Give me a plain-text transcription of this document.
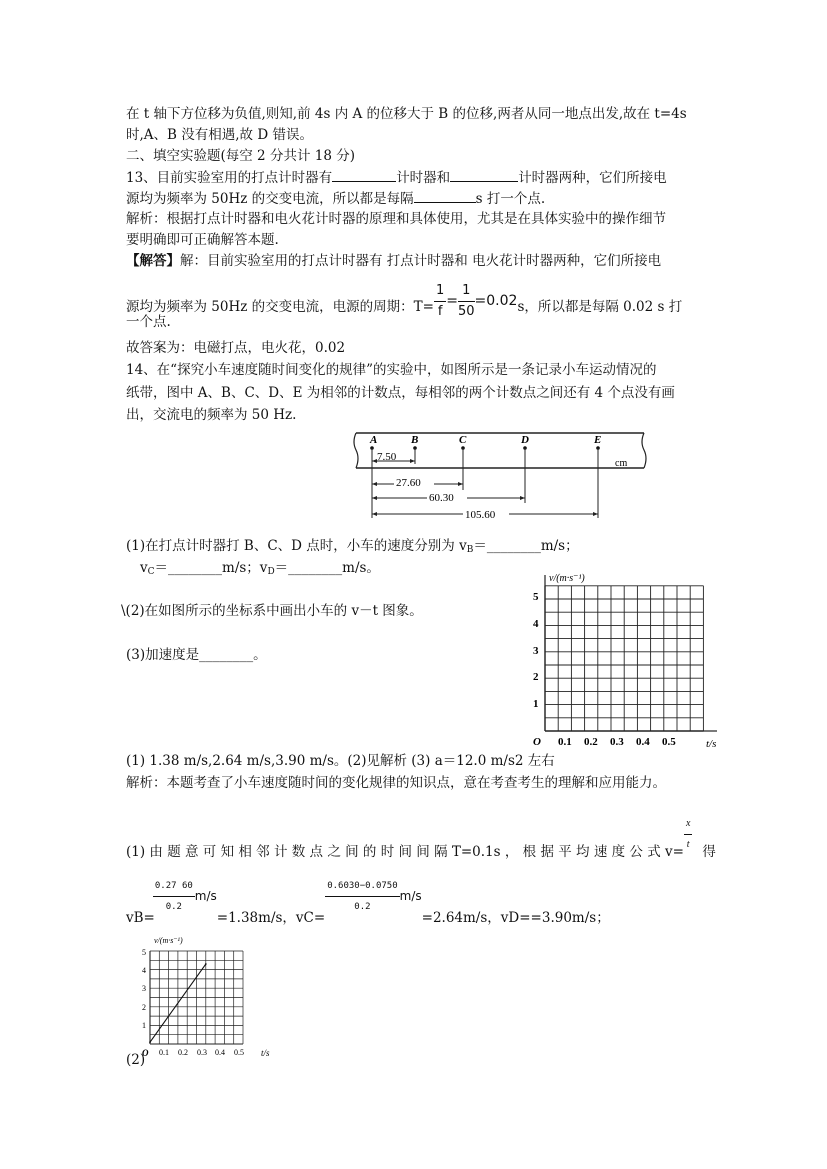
在 t 轴下方位移为负值,则知,前 4s 内 A 的位移大于 B 的位移,两者从同一地点出发,故在 t=4s
时,A、B 没有相遇,故 D 错误。
二、填空实验题(每空 2 分共计 18 分)
13、目前实验室用的打点计时器有	计时器和	计时器两种，它们所接电
源均为频率为 50Hz 的交变电流，所以都是每隔	s 打一个点.
解析：根据打点计时器和电火花计时器的原理和具体使用，尤其是在具体实验中的操作细节
要明确即可正确解答本题.
【解答】解：目前实验室用的打点计时器有 打点计时器和 电火花计时器两种，它们所接电
源均为频率为 50Hz 的交变电流，电源的周期：$T= \frac{1}{f} = \frac{1}{50} =0.02s$，所以都是每隔 0.02 s 打
一个点.
故答案为：电磁打点，电火花，0.02
14、在“探究小车速度随时间变化的规律”的实验中，如图所示是一条记录小车运动情况的
纸带，图中 A、B、C、D、E 为相邻的计数点，每相邻的两个计数点之间还有 4 个点没有画
出，交流电的频率为 50 Hz.
A	B	C	D	E
cm
7.50
27.60
60.30
105.60
(1)在打点计时器打 B、C、D 点时，小车的速度分别为 $v_B=\_\_\_\_\_\_\_\_m/s$；
$v_C=\_\_\_\_\_\_\_\_m/s$；$v_D=\_\_\_\_\_\_\_\_m/s$。
\(2)在如图所示的坐标系中画出小车的 v－t 图象。
(3)加速度是________。
v/(m·s⁻¹)
t/s
O
1
2
3
4
5
0.1 0.2 0.3 0.4 0.5
(1) 1.38 m/s,2.64 m/s,3.90 m/s。(2)见解析 (3) a＝12.0 m/s2 左右
解析：本题考查了小车速度随时间的变化规律的知识点，意在考查考生的理解和应用能力。
(1) 由 题 意 可 知 相 邻 计 数 点 之 间 的 时 间 间 隔 T=0.1s ， 根 据 平 均 速 度 公 式 $v= \frac{x}{t}$ 得
vB=
$\frac{0.27 60}{0.2} m/s=1.38m/s$，vC=
$\frac{0.6030-0.0750}{0.2} m/s=2.64m/s$，vD==3.90m/s；
v/(m·s⁻¹)
t/s
O
1
2
3
4
5
0.1 0.2 0.3 0.4 0.5
(2)
